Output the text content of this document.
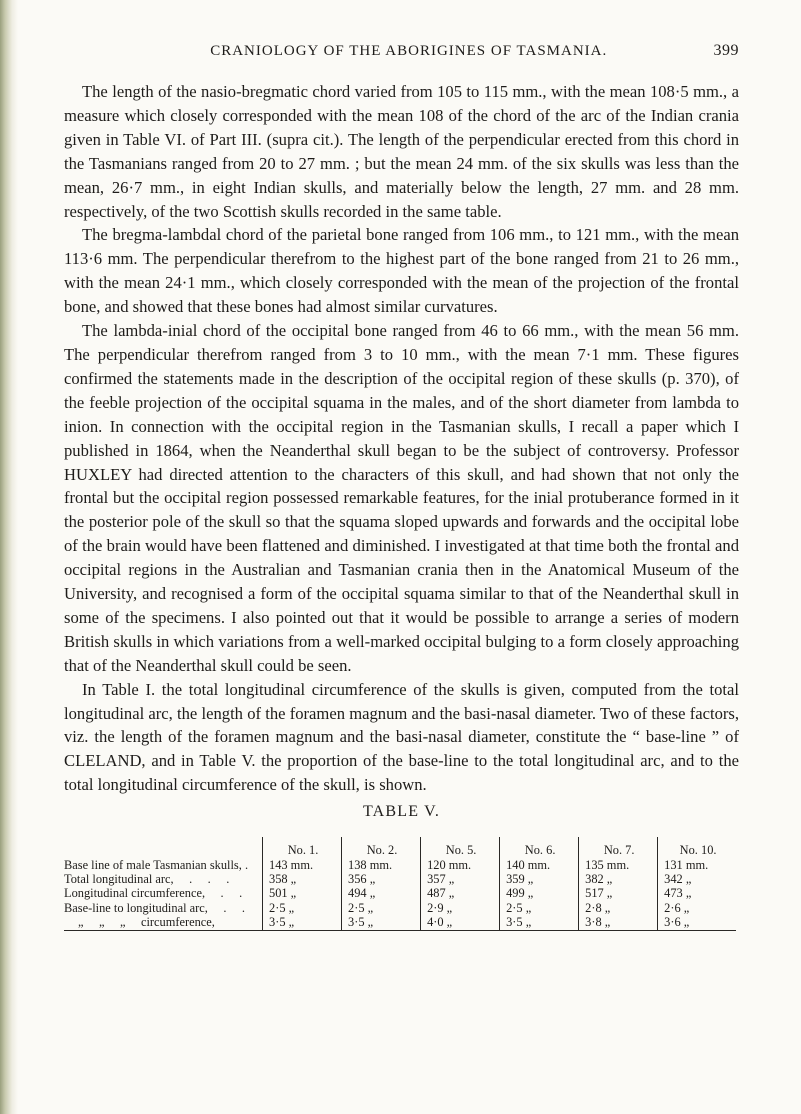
CRANIOLOGY OF THE ABORIGINES OF TASMANIA.	399

The length of the nasio-bregmatic chord varied from 105 to 115 mm., with the mean 108·5 mm., a measure which closely corresponded with the mean 108 of the chord of the arc of the Indian crania given in Table VI. of Part III. (supra cit.). The length of the perpendicular erected from this chord in the Tasmanians ranged from 20 to 27 mm. ; but the mean 24 mm. of the six skulls was less than the mean, 26·7 mm., in eight Indian skulls, and materially below the length, 27 mm. and 28 mm. respectively, of the two Scottish skulls recorded in the same table.

The bregma-lambdal chord of the parietal bone ranged from 106 mm., to 121 mm., with the mean 113·6 mm. The perpendicular therefrom to the highest part of the bone ranged from 21 to 26 mm., with the mean 24·1 mm., which closely corresponded with the mean of the projection of the frontal bone, and showed that these bones had almost similar curvatures.

The lambda-inial chord of the occipital bone ranged from 46 to 66 mm., with the mean 56 mm. The perpendicular therefrom ranged from 3 to 10 mm., with the mean 7·1 mm. These figures confirmed the statements made in the description of the occipital region of these skulls (p. 370), of the feeble projection of the occipital squama in the males, and of the short diameter from lambda to inion. In connection with the occipital region in the Tasmanian skulls, I recall a paper which I published in 1864, when the Neanderthal skull began to be the subject of controversy. Professor HUXLEY had directed attention to the characters of this skull, and had shown that not only the frontal but the occipital region possessed remarkable features, for the inial protuberance formed in it the posterior pole of the skull so that the squama sloped upwards and forwards and the occipital lobe of the brain would have been flattened and diminished. I investigated at that time both the frontal and occipital regions in the Australian and Tasmanian crania then in the Anatomical Museum of the University, and recognised a form of the occipital squama similar to that of the Neanderthal skull in some of the specimens. I also pointed out that it would be possible to arrange a series of modern British skulls in which variations from a well-marked occipital bulging to a form closely approaching that of the Neanderthal skull could be seen.

In Table I. the total longitudinal circumference of the skulls is given, computed from the total longitudinal arc, the length of the foramen magnum and the basi-nasal diameter. Two of these factors, viz. the length of the foramen magnum and the basi-nasal diameter, constitute the “ base-line ” of CLELAND, and in Table V. the proportion of the base-line to the total longitudinal arc, and to the total longitudinal circumference of the skull, is shown.

TABLE V.
	No. 1.	No. 2.	No. 5.	No. 6.	No. 7.	No. 10.
Base line of male Tasmanian skulls, .	143 mm.	138 mm.	120 mm.	140 mm.	135 mm.	131 mm.
Total longitudinal arc,  .  .  .	358 „	356 „	357 „	359 „	382 „	342 „
Longitudinal circumference,  .  .	501 „	494 „	487 „	499 „	517 „	473 „
Base-line to longitudinal arc,  .  .	2·5 „	2·5 „	2·9 „	2·5 „	2·8 „	2·6 „
„  „  „  circumference,	3·5 „	3·5 „	4·0 „	3·5 „	3·8 „	3·6 „
